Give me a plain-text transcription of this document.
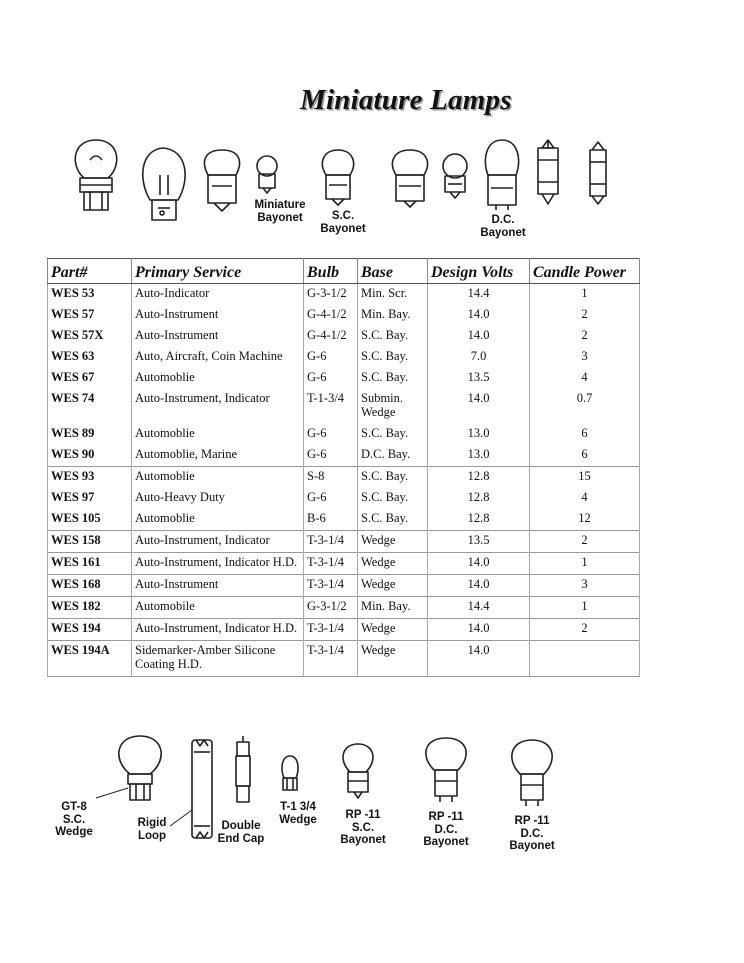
Miniature Lamps
Miniature
Bayonet	S.C.
Bayonet
D.C.
Bayonet
Part#	Primary Service	Bulb	Base	Design Volts	Candle Power
WES 53	Auto-Indicator	G-3-1/2	Min. Scr.	14.4	1
WES 57	Auto-Instrument	G-4-1/2	Min. Bay.	14.0	2
WES 57X	Auto-Instrument	G-4-1/2	S.C. Bay.	14.0	2
WES 63	Auto, Aircraft, Coin Machine	G-6	S.C. Bay.	7.0	3
WES 67	Automoblie	G-6	S.C. Bay.	13.5	4
WES 74	Auto-Instrument, Indicator	T-1-3/4	Submin. Wedge	14.0	0.7
WES 89	Automoblie	G-6	S.C. Bay.	13.0	6
WES 90	Automoblie, Marine	G-6	D.C. Bay.	13.0	6
WES 93	Automoblie	S-8	S.C. Bay.	12.8	15
WES 97	Auto-Heavy Duty	G-6	S.C. Bay.	12.8	4
WES 105	Automoblie	B-6	S.C. Bay.	12.8	12
WES 158	Auto-Instrument, Indicator	T-3-1/4	Wedge	13.5	2
WES 161	Auto-Instrument, Indicator H.D.	T-3-1/4	Wedge	14.0	1
WES 168	Auto-Instrument	T-3-1/4	Wedge	14.0	3
WES 182	Automobile	G-3-1/2	Min. Bay.	14.4	1
WES 194	Auto-Instrument, Indicator H.D.	T-3-1/4	Wedge	14.0	2
WES 194A	Sidemarker-Amber Silicone Coating H.D.	T-3-1/4	Wedge	14.0	
GT-8
S.C.
Wedge
Rigid
Loop
Double
End Cap
T-1 3/4
Wedge	RP -11
S.C.
Bayonet
RP -11
D.C.
Bayonet
RP -11
D.C.
Bayonet
